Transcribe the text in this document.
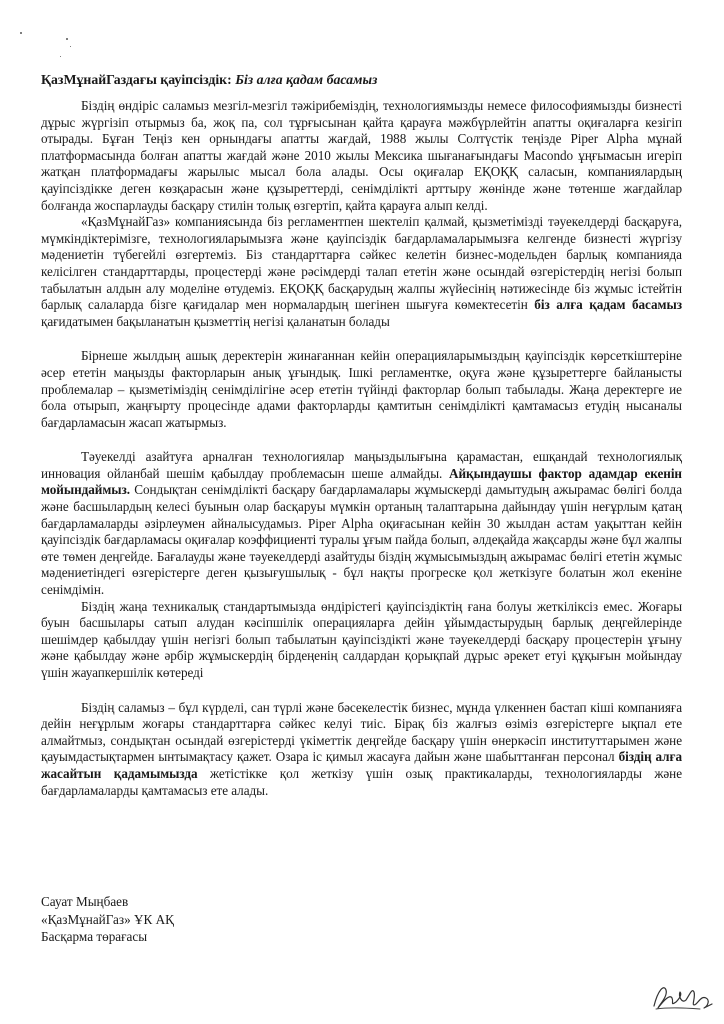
ҚазМұнайГаздағы қауіпсіздік: Біз алға қадам басамыз

Біздің өндіріс саламыз мезгіл-мезгіл тәжірибеміздің, технологиямызды немесе философиямызды бизнесті дұрыс жүргізіп отырмыз ба, жоқ па, сол тұрғысынан қайта қарауға мәжбүрлейтін апатты оқиғаларға кезігіп отырады. Бұған Теңіз кен орнындағы апатты жағдай, 1988 жылы Солтүстік теңізде Piper Alpha мұнай платформасында болған апатты жағдай және 2010 жылы Мексика шығанағындағы Macondo ұңғымасын игеріп жатқан платформадағы жарылыс мысал бола алады. Осы оқиғалар ЕҚОҚҚ саласын, компаниялардың қауіпсіздікке деген көзқарасын және құзыреттерді, сенімділікті арттыру жөнінде және төтенше жағдайлар болғанда жоспарлауды басқару стилін толық өзгертіп, қайта қарауға алып келді.

«ҚазМұнайГаз» компаниясында біз регламентпен шектеліп қалмай, қызметімізді тәуекелдерді басқаруға, мүмкіндіктерімізге, технологияларымызға және қауіпсіздік бағдарламаларымызға келгенде бизнесті жүргізу мәдениетін түбегейлі өзгертеміз. Біз стандарттарға сәйкес келетін бизнес-модельден барлық компанияда келісілген стандарттарды, процестерді және рәсімдерді талап ететін және осындай өзгерістердің негізі болып табылатын алдын алу моделіне өтудеміз. ЕҚОҚҚ басқарудың жалпы жүйесінің нәтижесінде біз жұмыс істейтін барлық салаларда бізге қағидалар мен нормалардың шегінен шығуға көмектесетін біз алға қадам басамыз қағидатымен бақыланатын қызметтің негізі қаланатын болады

Бірнеше жылдың ашық деректерін жинағаннан кейін операцияларымыздың қауіпсіздік көрсеткіштеріне әсер ететін маңызды факторларын анық ұғындық. Ішкі регламентке, оқуға және құзыреттерге байланысты проблемалар – қызметіміздің сенімділігіне әсер ететін түйінді факторлар болып табылады. Жаңа деректерге ие бола отырып, жаңғырту процесінде адами факторларды қамтитын сенімділікті қамтамасыз етудің нысаналы бағдарламасын жасап жатырмыз.

Тәуекелді азайтуға арналған технологиялар маңыздылығына қарамастан, ешқандай технологиялық инновация ойланбай шешім қабылдау проблемасын шеше алмайды. Айқындаушы фактор адамдар екенін мойындаймыз. Сондықтан сенімділікті басқару бағдарламалары жұмыскерді дамытудың ажырамас бөлігі болда және басшылардың келесі буынын олар басқаруы мүмкін ортаның талаптарына дайындау үшін неғұрлым қатаң бағдарламаларды әзірлеумен айналысудамыз. Piper Alpha оқиғасынан кейін 30 жылдан астам уақыттан кейін қауіпсіздік бағдарламасы оқиғалар коэффициенті туралы ұғым пайда болып, әлдеқайда жақсарды және бұл жалпы өте төмен деңгейде. Бағалауды және тәуекелдерді азайтуды біздің жұмысымыздың ажырамас бөлігі етeтін жұмыс мәдениетіндегі өзгерістерге деген қызығушылық - бұл нақты прогреске қол жеткізуге болатын жол екеніне сенімдімін.

Біздің жаңа техникалық стандартымызда өндірістегі қауіпсіздіктің ғана болуы жеткіліксіз емес. Жоғары буын басшылары сатып алудан кәсіпшілік операцияларға дейін ұйымдастырудың барлық деңгейлерінде шешімдер қабылдау үшін негізгі болып табылатын қауіпсіздікті және тәуекелдерді басқару процестерін ұғыну және қабылдау және әрбір жұмыскердің бірдеңенің салдардан қорықпай дұрыс әрекет етуі құқығын мойындау үшін жауапкершілік көтереді

Біздің саламыз – бұл күрделі, сан түрлі және бәсекелестік бизнес, мұнда үлкеннен бастап кіші компанияға дейін неғұрлым жоғары стандарттарға сәйкес келуі тиіс. Бірақ біз жалғыз өзіміз өзгерістерге ықпал ете алмайтмыз, сондықтан осындай өзгерістерді үкіметтік деңгейде басқару үшін өнеркәсіп институттарымен және қауымдастықтармен ынтымақтасу қажет. Озара іс қимыл жасауға дайын және шабыттанған персонал біздің алға жасайтын қадамымызда жетістікке қол жеткізу үшін озық практикаларды, технологияларды және бағдарламаларды қамтамасыз ете алады.

Сауат Мыңбаев
«ҚазМұнайГаз» ҰК АҚ
Басқарма төрағасы
